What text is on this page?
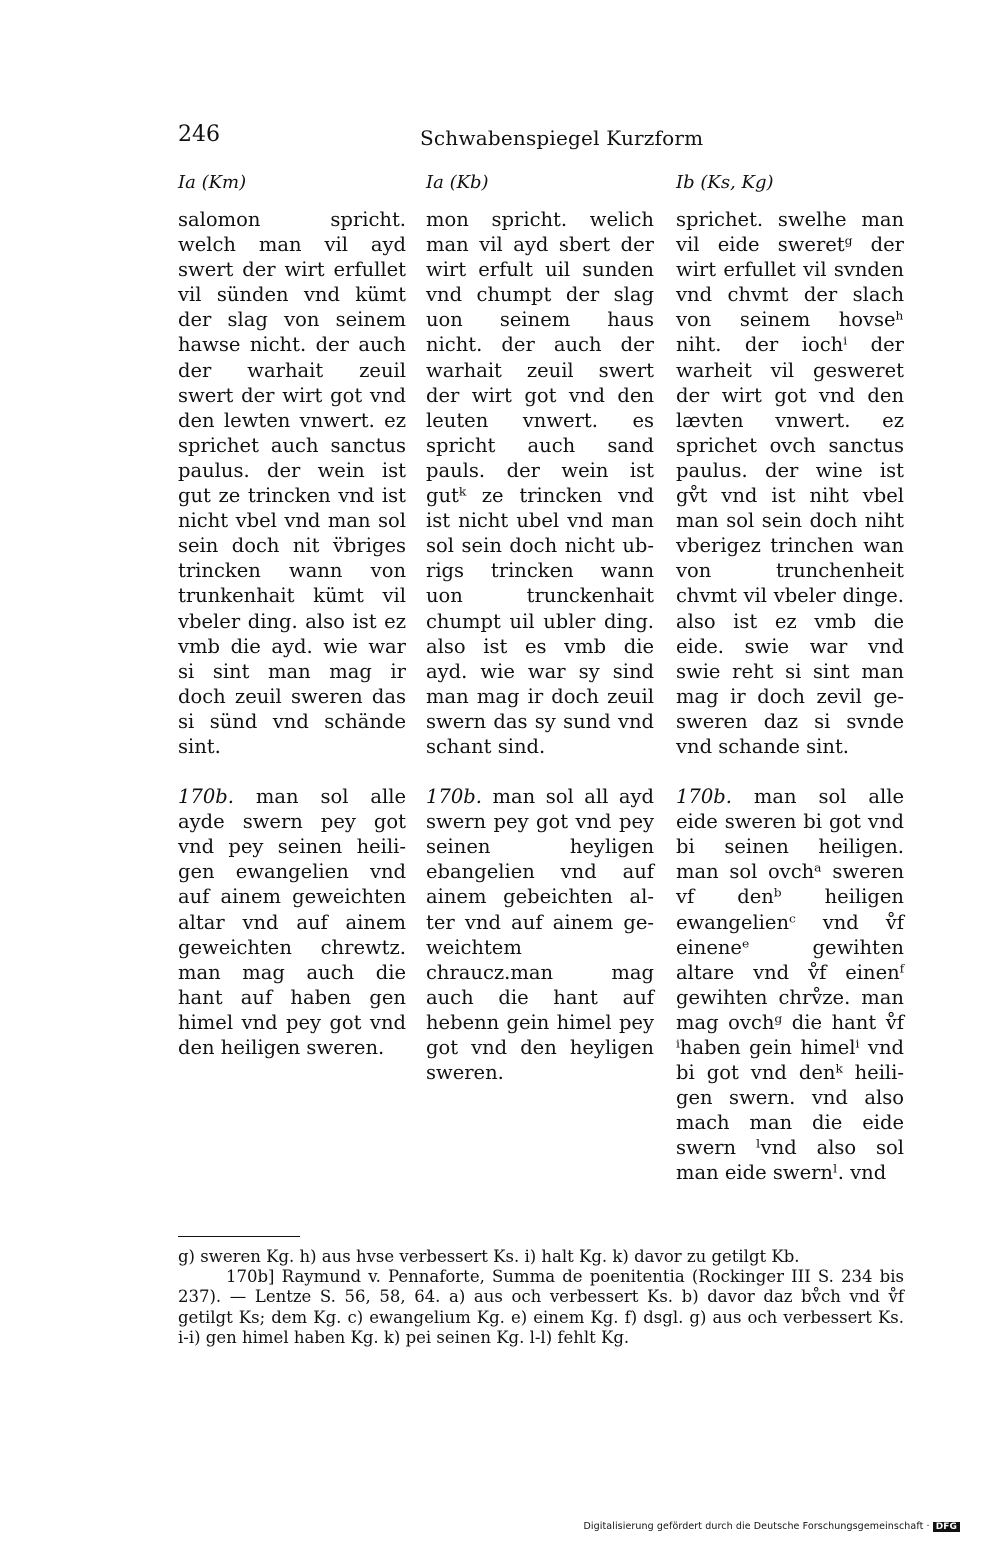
246	Schwabenspiegel Kurzform
Ia (Km)	Ia (Kb)	Ib (Ks, Kg)

salomon spricht. welch man vil ayd swert der wirt erfullet vil sünden vnd kümt der slag von seinem hawse nicht. der auch der warhait zeuil swert der wirt got vnd den lewten vnwert. ez sprichet auch sanctus paulus. der wein ist gut ze trincken vnd ist nicht vbel vnd man sol sein doch nit v̈briges trincken wann von trunkenhait kümt vil vbeler ding. also ist ez vmb die ayd. wie war si sint man mag ir doch zeuil sweren das si sünd vnd schände sint.

170b. man sol alle ayde swern pey got vnd pey seinen heiligen ewangelien vnd auf ainem geweichten altar vnd auf ainem geweichten chrewtz. man mag auch die hant auf haben gen himel vnd pey got vnd den heiligen sweren.

mon spricht. welich man vil ayd sbert der wirt erfult uil sunden vnd chumpt der slag uon seinem haus nicht. der auch der warhait zeuil swert der wirt got vnd den leuten vnwert. es spricht auch sand pauls. der wein ist gutᵏ ze trincken vnd ist nicht ubel vnd man sol sein doch nicht ubrigs trincken wann uon trunckenhait chumpt uil ubler ding. also ist es vmb die ayd. wie war sy sind man mag ir doch zeuil swern das sy sund vnd schant sind.

170b. man sol all ayd swern pey got vnd pey seinen heyligen ebangelien vnd auf ainem gebeichten alter vnd auf ainem geweichtem chraucz.man mag auch die hant auf hebenn gein himel pey got vnd den heyligen sweren.

sprichet. swelhe man vil eide sweretᵍ der wirt erfullet vil svnden vnd chvmt der slach von seinem hovseʰ niht. der iochⁱ der warheit vil gesweret der wirt got vnd den lævten vnwert. ez sprichet ovch sanctus paulus. der wine ist gv̊t vnd ist niht vbel man sol sein doch niht vberigez trinchen wan von trunchenheit chvmt vil vbeler dinge. also ist ez vmb die eide. swie war vnd swie reht si sint man mag ir doch zevil gesweren daz si svnde vnd schande sint.

170b. man sol alle eide sweren bi got vnd bi seinen heiligen. man sol ovchᵃ sweren vf denᵇ heiligen ewangelienᶜ vnd v̊f eineneᵉ gewihten altare vnd v̊f einenᶠ gewihten chrv̊ze. man mag ovchᵍ die hant v̊f ⁱhaben gein himelⁱ vnd bi got vnd denᵏ heiligen swern. vnd also mach man die eide swern ˡvnd also sol man eide swernˡ. vnd

g) sweren Kg. h) aus hvse verbessert Ks. i) halt Kg. k) davor zu getilgt Kb.

170b] Raymund v. Pennaforte, Summa de poenitentia (Rockinger III S. 234 bis 237). — Lentze S. 56, 58, 64. a) aus och verbessert Ks. b) davor daz bv̊ch vnd v̊f getilgt Ks; dem Kg. c) ewangelium Kg. e) einem Kg. f) dsgl. g) aus och verbessert Ks. i-i) gen himel haben Kg. k) pei seinen Kg. l-l) fehlt Kg.

Digitalisierung gefördert durch die Deutsche Forschungsgemeinschaft · DFG
